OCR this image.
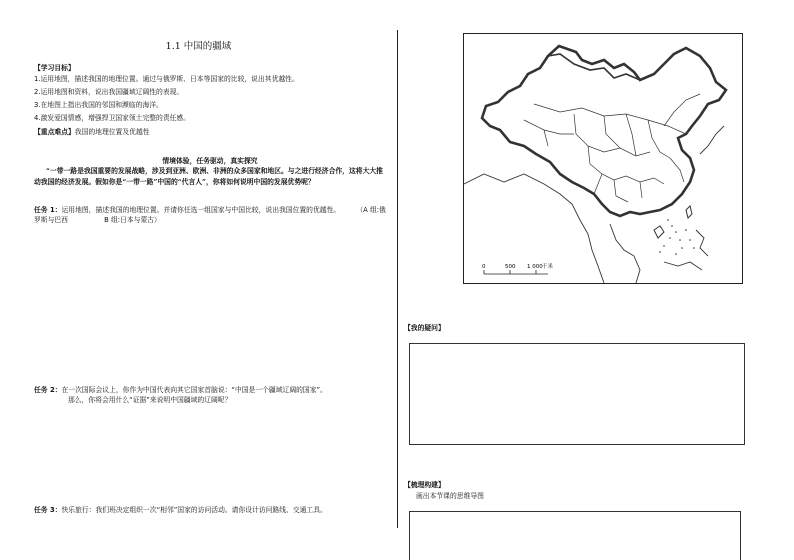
1.1 中国的疆域
【学习目标】
1.运用地图，描述我国的地理位置。通过与俄罗斯、日本等国家的比较，说出其优越性。
2.运用地图和资料，说出我国疆域辽阔性的表现。
3.在地图上指出我国的邻国和濒临的海洋。
4.激发爱国情感，增强捍卫国家领土完整的责任感。
【重点难点】我国的地理位置及优越性
情境体验，任务驱动，真实探究
“一带一路是我国重要的发展战略，涉及到亚洲、欧洲、非洲的众多国家和地区。与之进行经济合作，这将大大推动我国的经济发展。假如你是“一带一路”中国的“代言人”，你将如何说明中国的发展优势呢？
任务 1：运用地图，描述我国的地理位置。并请你任选一组国家与中国比较，说出我国位置的优越性。 （A 组:俄罗斯与巴西	B 组:日本与蒙古）
任务 2：在一次国际会议上，你作为中国代表向其它国家首脑说：“中国是一个疆域辽阔的国家”。
那么，你将会用什么“证据”来说明中国疆域的辽阔呢？
任务 3：快乐旅行：我们班决定组织一次“相邻”国家的访问活动。请你设计访问路线、交通工具。
0	500 1 000 千米
【我的疑问】
【梳理构建】
画出本节课的思维导图
